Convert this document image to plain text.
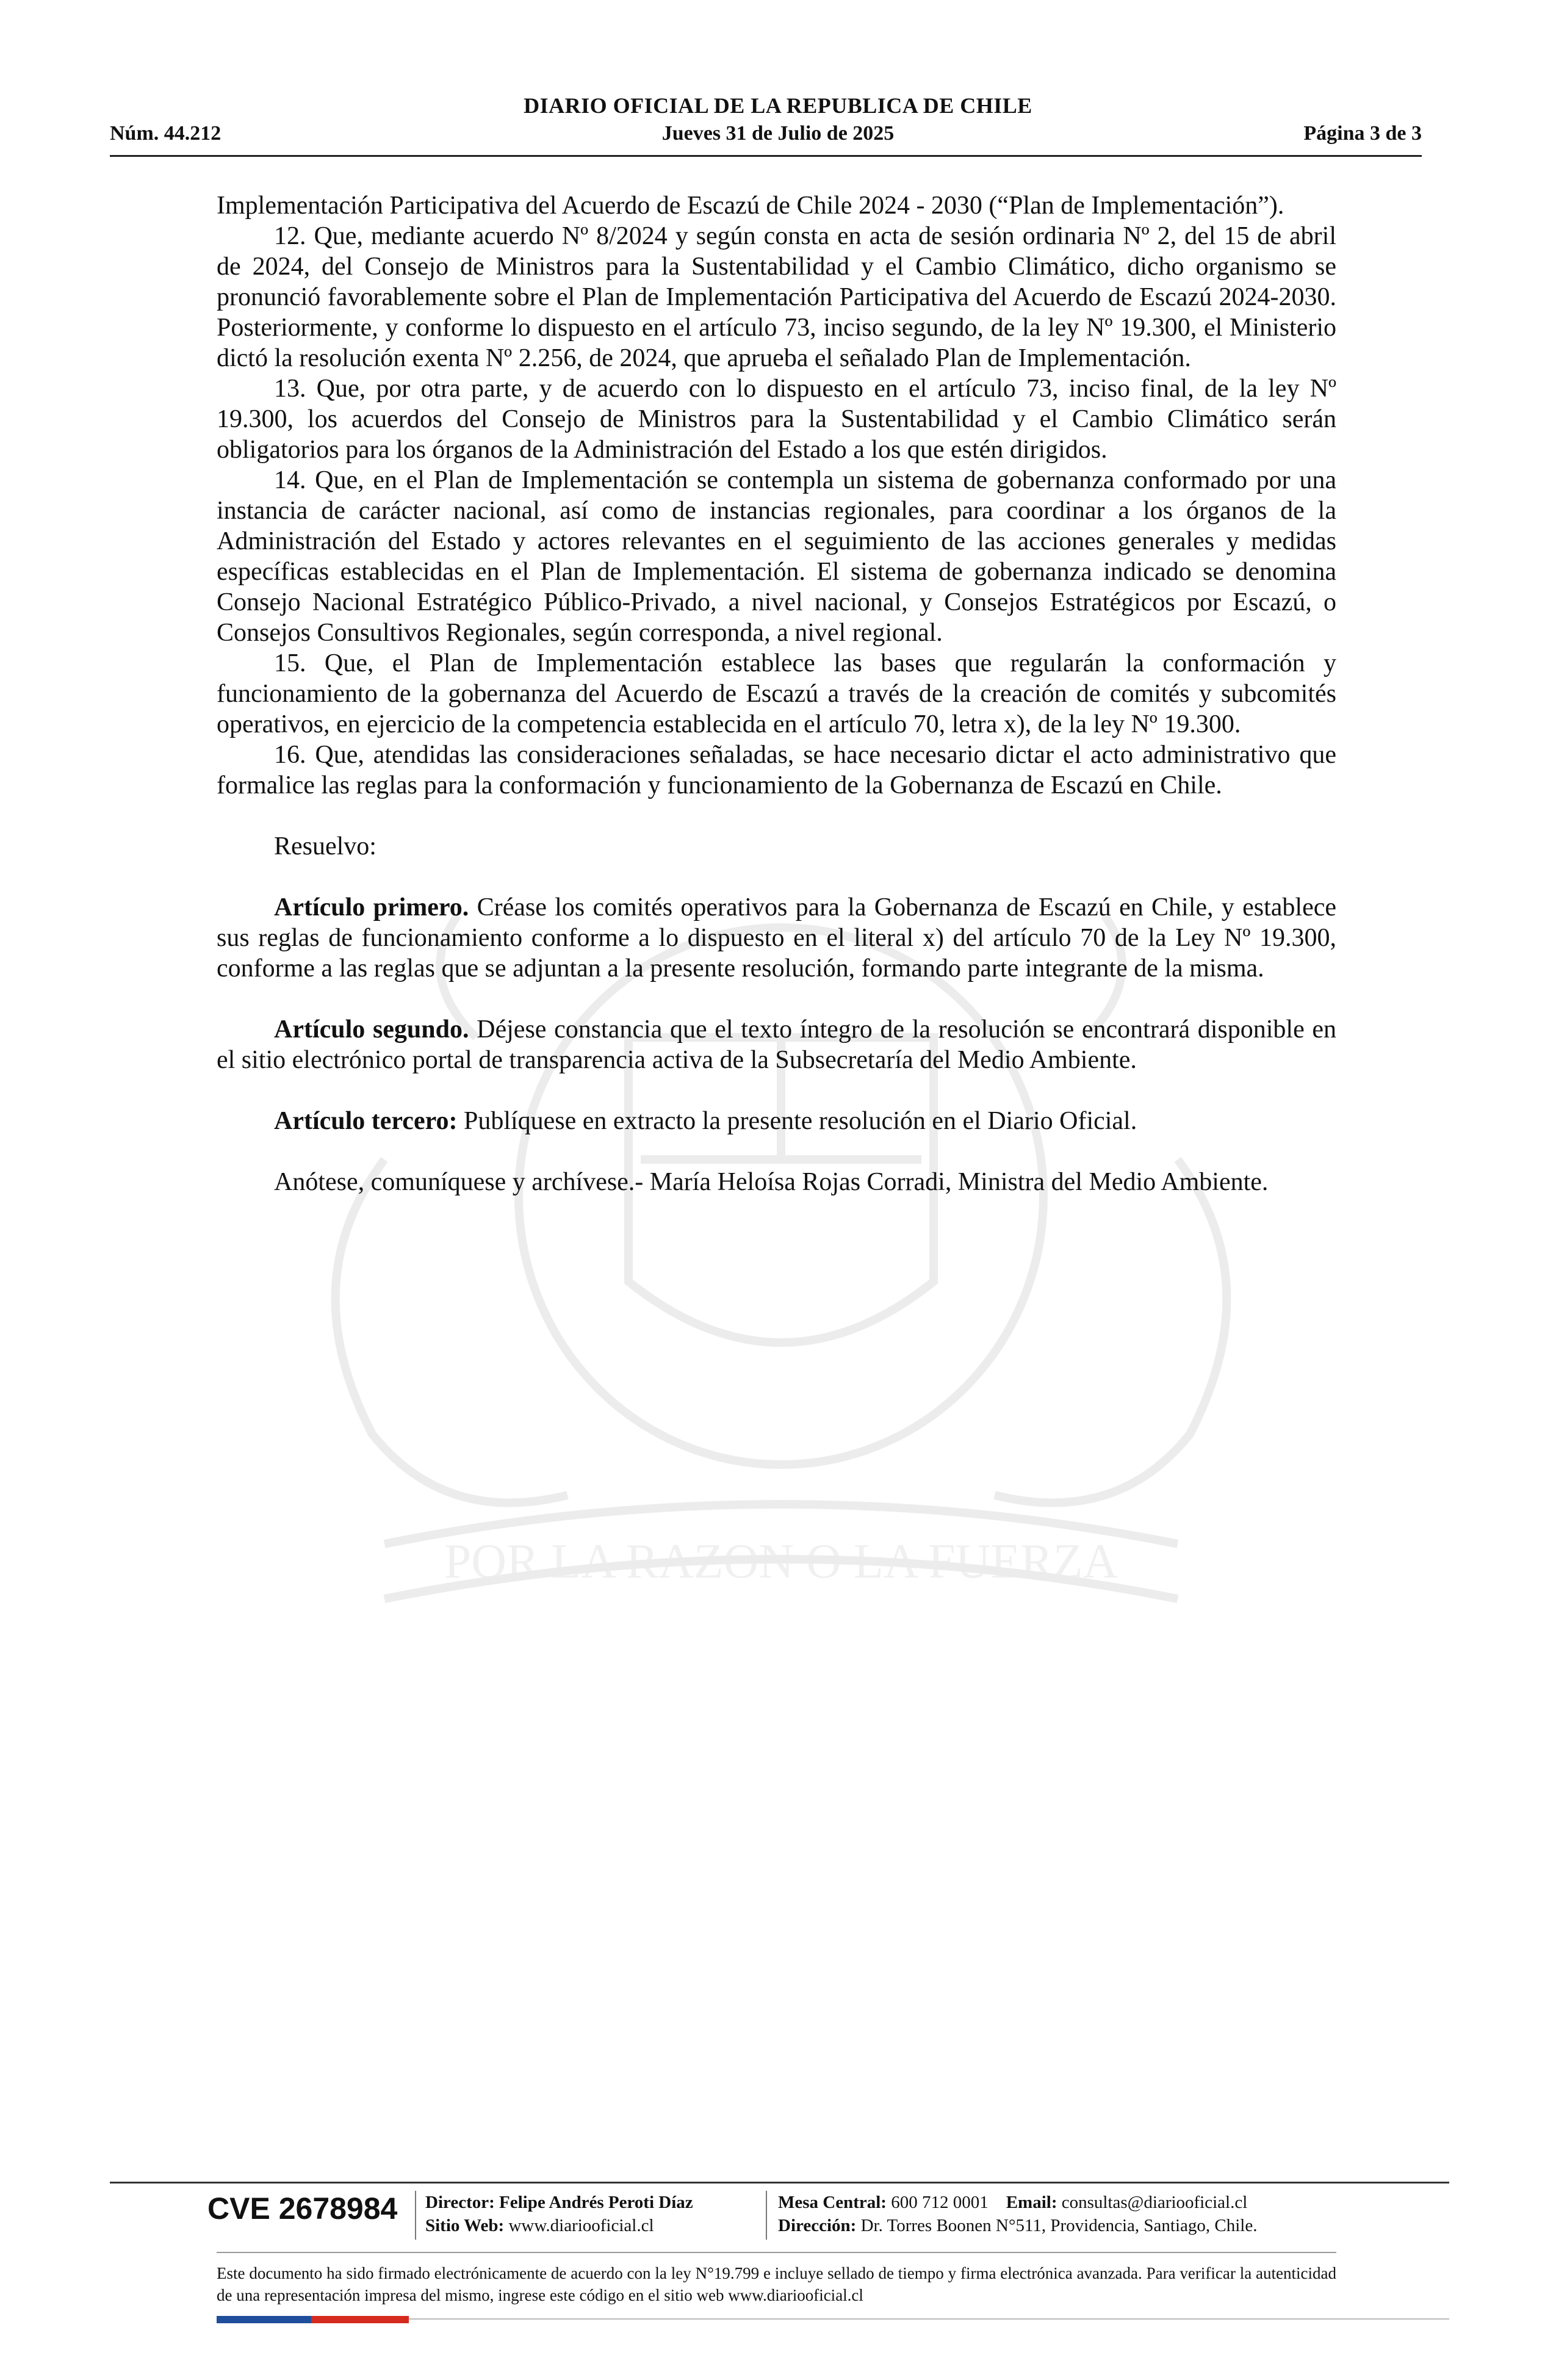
DIARIO OFICIAL DE LA REPUBLICA DE CHILE
Núm. 44.212	Jueves 31 de Julio de 2025	Página 3 de 3
POR LA RAZON O LA FUERZA

Implementación Participativa del Acuerdo de Escazú de Chile 2024 - 2030 (“Plan de Implementación”).

12. Que, mediante acuerdo Nº 8/2024 y según consta en acta de sesión ordinaria Nº 2, del 15 de abril de 2024, del Consejo de Ministros para la Sustentabilidad y el Cambio Climático, dicho organismo se pronunció favorablemente sobre el Plan de Implementación Participativa del Acuerdo de Escazú 2024-2030. Posteriormente, y conforme lo dispuesto en el artículo 73, inciso segundo, de la ley Nº 19.300, el Ministerio dictó la resolución exenta Nº 2.256, de 2024, que aprueba el señalado Plan de Implementación.

13. Que, por otra parte, y de acuerdo con lo dispuesto en el artículo 73, inciso final, de la ley Nº 19.300, los acuerdos del Consejo de Ministros para la Sustentabilidad y el Cambio Climático serán obligatorios para los órganos de la Administración del Estado a los que estén dirigidos.

14. Que, en el Plan de Implementación se contempla un sistema de gobernanza conformado por una instancia de carácter nacional, así como de instancias regionales, para coordinar a los órganos de la Administración del Estado y actores relevantes en el seguimiento de las acciones generales y medidas específicas establecidas en el Plan de Implementación. El sistema de gobernanza indicado se denomina Consejo Nacional Estratégico Público-Privado, a nivel nacional, y Consejos Estratégicos por Escazú, o Consejos Consultivos Regionales, según corresponda, a nivel regional.

15. Que, el Plan de Implementación establece las bases que regularán la conformación y funcionamiento de la gobernanza del Acuerdo de Escazú a través de la creación de comités y subcomités operativos, en ejercicio de la competencia establecida en el artículo 70, letra x), de la ley Nº 19.300.

16. Que, atendidas las consideraciones señaladas, se hace necesario dictar el acto administrativo que formalice las reglas para la conformación y funcionamiento de la Gobernanza de Escazú en Chile.

Resuelvo:

Artículo primero. Créase los comités operativos para la Gobernanza de Escazú en Chile, y establece sus reglas de funcionamiento conforme a lo dispuesto en el literal x) del artículo 70 de la Ley Nº 19.300, conforme a las reglas que se adjuntan a la presente resolución, formando parte integrante de la misma.

Artículo segundo. Déjese constancia que el texto íntegro de la resolución se encontrará disponible en el sitio electrónico portal de transparencia activa de la Subsecretaría del Medio Ambiente.

Artículo tercero: Publíquese en extracto la presente resolución en el Diario Oficial.

Anótese, comuníquese y archívese.- María Heloísa Rojas Corradi, Ministra del Medio Ambiente.

CVE 2678984 Director: Felipe Andrés Peroti Díaz
Sitio Web: www.diariooficial.cl
Mesa Central: 600 712 0001 Email: consultas@diariooficial.cl
Dirección: Dr. Torres Boonen N°511, Providencia, Santiago, Chile.
Este documento ha sido firmado electrónicamente de acuerdo con la ley N°19.799 e incluye sellado de tiempo y firma electrónica avanzada. Para verificar la autenticidad de una representación impresa del mismo, ingrese este código en el sitio web www.diariooficial.cl
